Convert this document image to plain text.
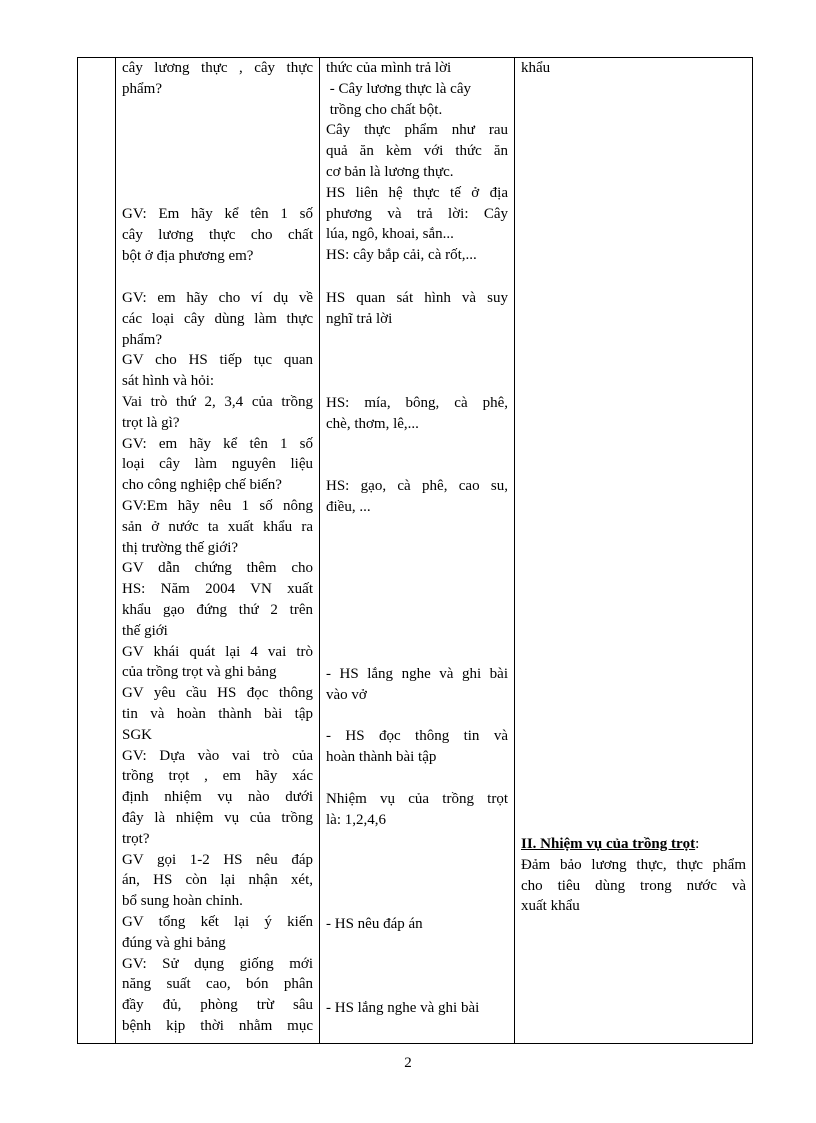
cây lương thực , cây thực
phẩm?
GV: Em hãy kể tên 1 số
cây lương thực cho chất
bột ở địa phương em?
GV: em hãy cho ví dụ về
các loại cây dùng làm thực
phẩm?
GV cho HS tiếp tục quan
sát hình và hỏi:
Vai trò thứ 2, 3,4 của trồng
trọt là gì?
GV: em hãy kể tên 1 số
loại cây làm nguyên liệu
cho công nghiệp chế biến?
GV:Em hãy nêu 1 số nông
sản ở nước ta xuất khẩu ra
thị trường thế giới?
GV dẫn chứng thêm cho
HS: Năm 2004 VN xuất
khẩu gạo đứng thứ 2 trên
thế giới
GV khái quát lại 4 vai trò
của trồng trọt và ghi bảng
GV yêu cầu HS đọc thông
tin và hoàn thành bài tập
SGK
GV: Dựa vào vai trò của
trồng trọt , em hãy xác
định nhiệm vụ nào dưới
đây là nhiệm vụ của trồng
trọt?
GV gọi 1-2 HS nêu đáp
án, HS còn lại nhận xét,
bổ sung hoàn chỉnh.
GV tổng kết lại ý kiến
đúng và ghi bảng
GV: Sử dụng giống mới
năng suất cao, bón phân
đầy đủ, phòng trừ sâu
bệnh kịp thời nhằm mục

thức của mình trả lời
- Cây lương thực là cây
trồng cho chất bột.
Cây thực phẩm như rau
quả ăn kèm với thức ăn
cơ bản là lương thực.
HS liên hệ thực tế ở địa
phương và trả lời: Cây
lúa, ngô, khoai, sắn...
HS: cây bắp cải, cà rốt,...
HS quan sát hình và suy
nghĩ trả lời
HS: mía, bông, cà phê,
chè, thơm, lê,...
HS: gạo, cà phê, cao su,
điều, ...
- HS lắng nghe và ghi bài
vào vở
- HS đọc thông tin và
hoàn thành bài tập
Nhiệm vụ của trồng trọt
là: 1,2,4,6
- HS nêu đáp án
- HS lắng nghe và ghi bài

khẩu
II. Nhiệm vụ của trồng trọt:
Đảm bảo lương thực, thực phẩm
cho tiêu dùng trong nước và
xuất khẩu
2
